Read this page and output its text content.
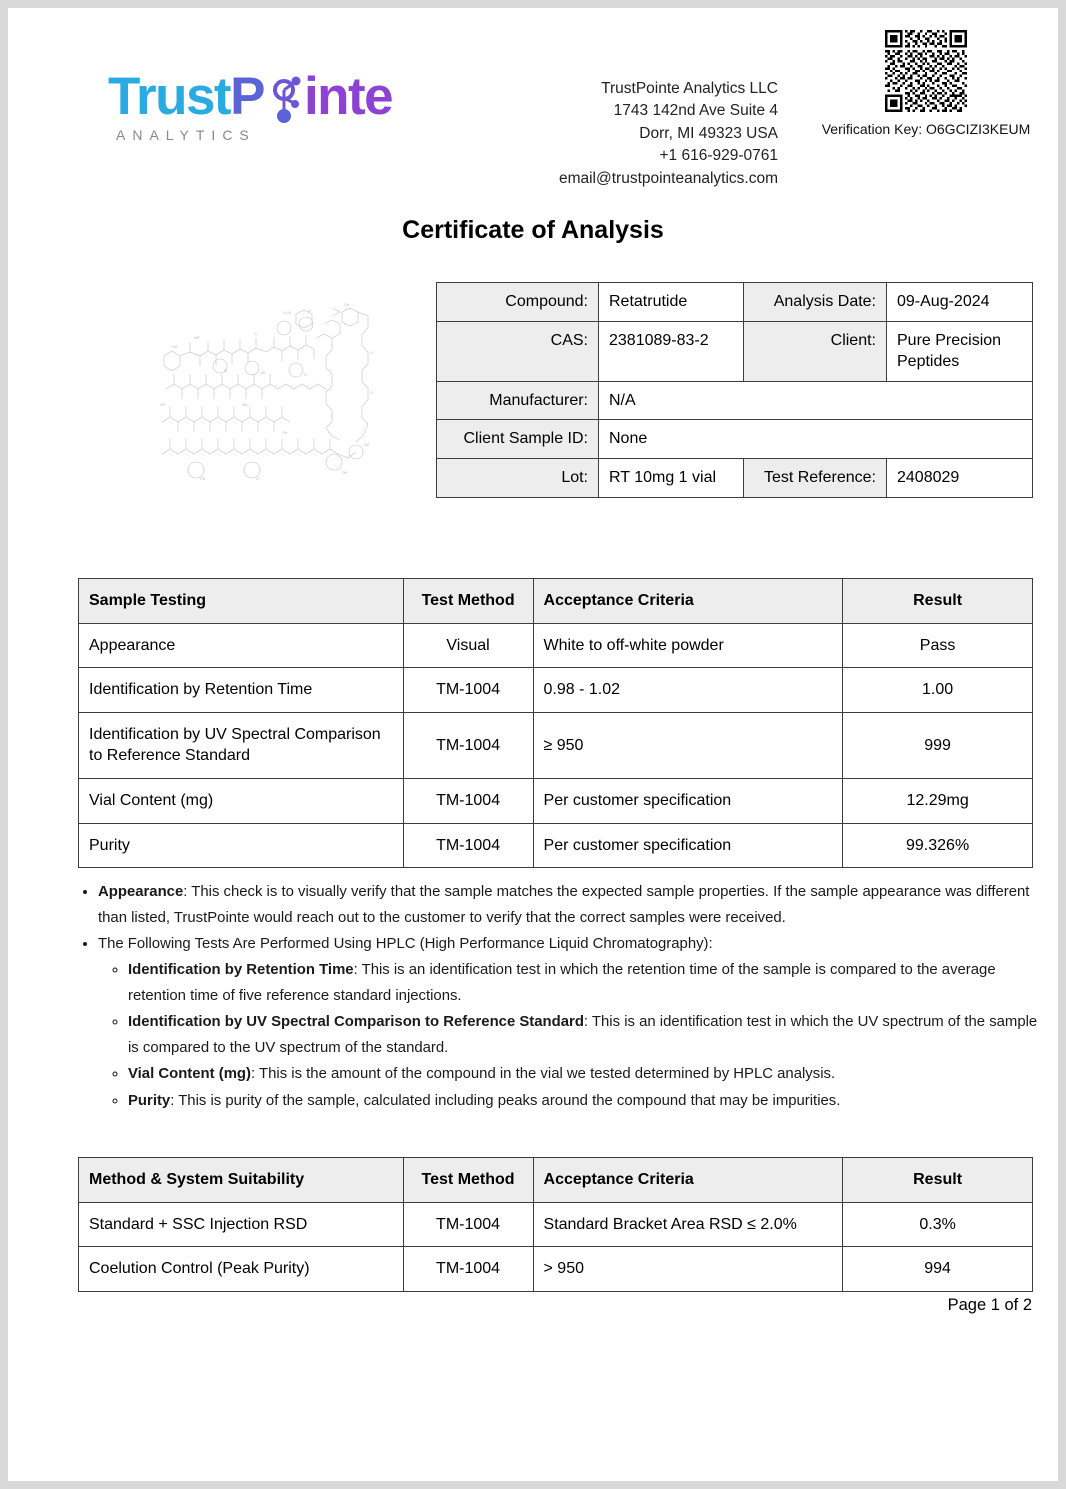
TrustP inte
ANALYTICS
TrustPointe Analytics LLC
1743 142nd Ave Suite 4
Dorr, MI 49323 USA
+1 616-929-0761
email@trustpointeanalytics.com
Verification Key: O6GCIZI3KEUM
Certificate of Analysis
HO
NH
O
H₂N	O
OH
O	OH	O
HO	NH₂
OH
OH	O
OH
HO
O
O
Compound:	Retatrutide	Analysis Date:	09-Aug-2024
CAS:	2381089-83-2	Client:	Pure Precision Peptides
Manufacturer:	N/A		
Client Sample ID:	None		
Lot:	RT 10mg 1 vial	Test Reference:	2408029
Sample Testing	Test Method	Acceptance Criteria	Result
Appearance	Visual	White to off-white powder	Pass
Identification by Retention Time	TM-1004	0.98 - 1.02	1.00
Identification by UV Spectral Comparison to Reference Standard	TM-1004	≥ 950	999
Vial Content (mg)	TM-1004	Per customer specification	12.29mg
Purity	TM-1004	Per customer specification	99.326%
• Appearance: This check is to visually verify that the sample matches the expected sample properties. If the sample appearance was different than listed, TrustPointe would reach out to the customer to verify that the correct samples were received.
• The Following Tests Are Performed Using HPLC (High Performance Liquid Chromatography):
◦ Identification by Retention Time: This is an identification test in which the retention time of the sample is compared to the average retention time of five reference standard injections.
◦ Identification by UV Spectral Comparison to Reference Standard: This is an identification test in which the UV spectrum of the sample is compared to the UV spectrum of the standard.
◦ Vial Content (mg): This is the amount of the compound in the vial we tested determined by HPLC analysis.
◦ Purity: This is purity of the sample, calculated including peaks around the compound that may be impurities.
Method & System Suitability	Test Method	Acceptance Criteria	Result
Standard + SSC Injection RSD	TM-1004	Standard Bracket Area RSD ≤ 2.0%	0.3%
Coelution Control (Peak Purity)	TM-1004	> 950	994
Page 1 of 2
